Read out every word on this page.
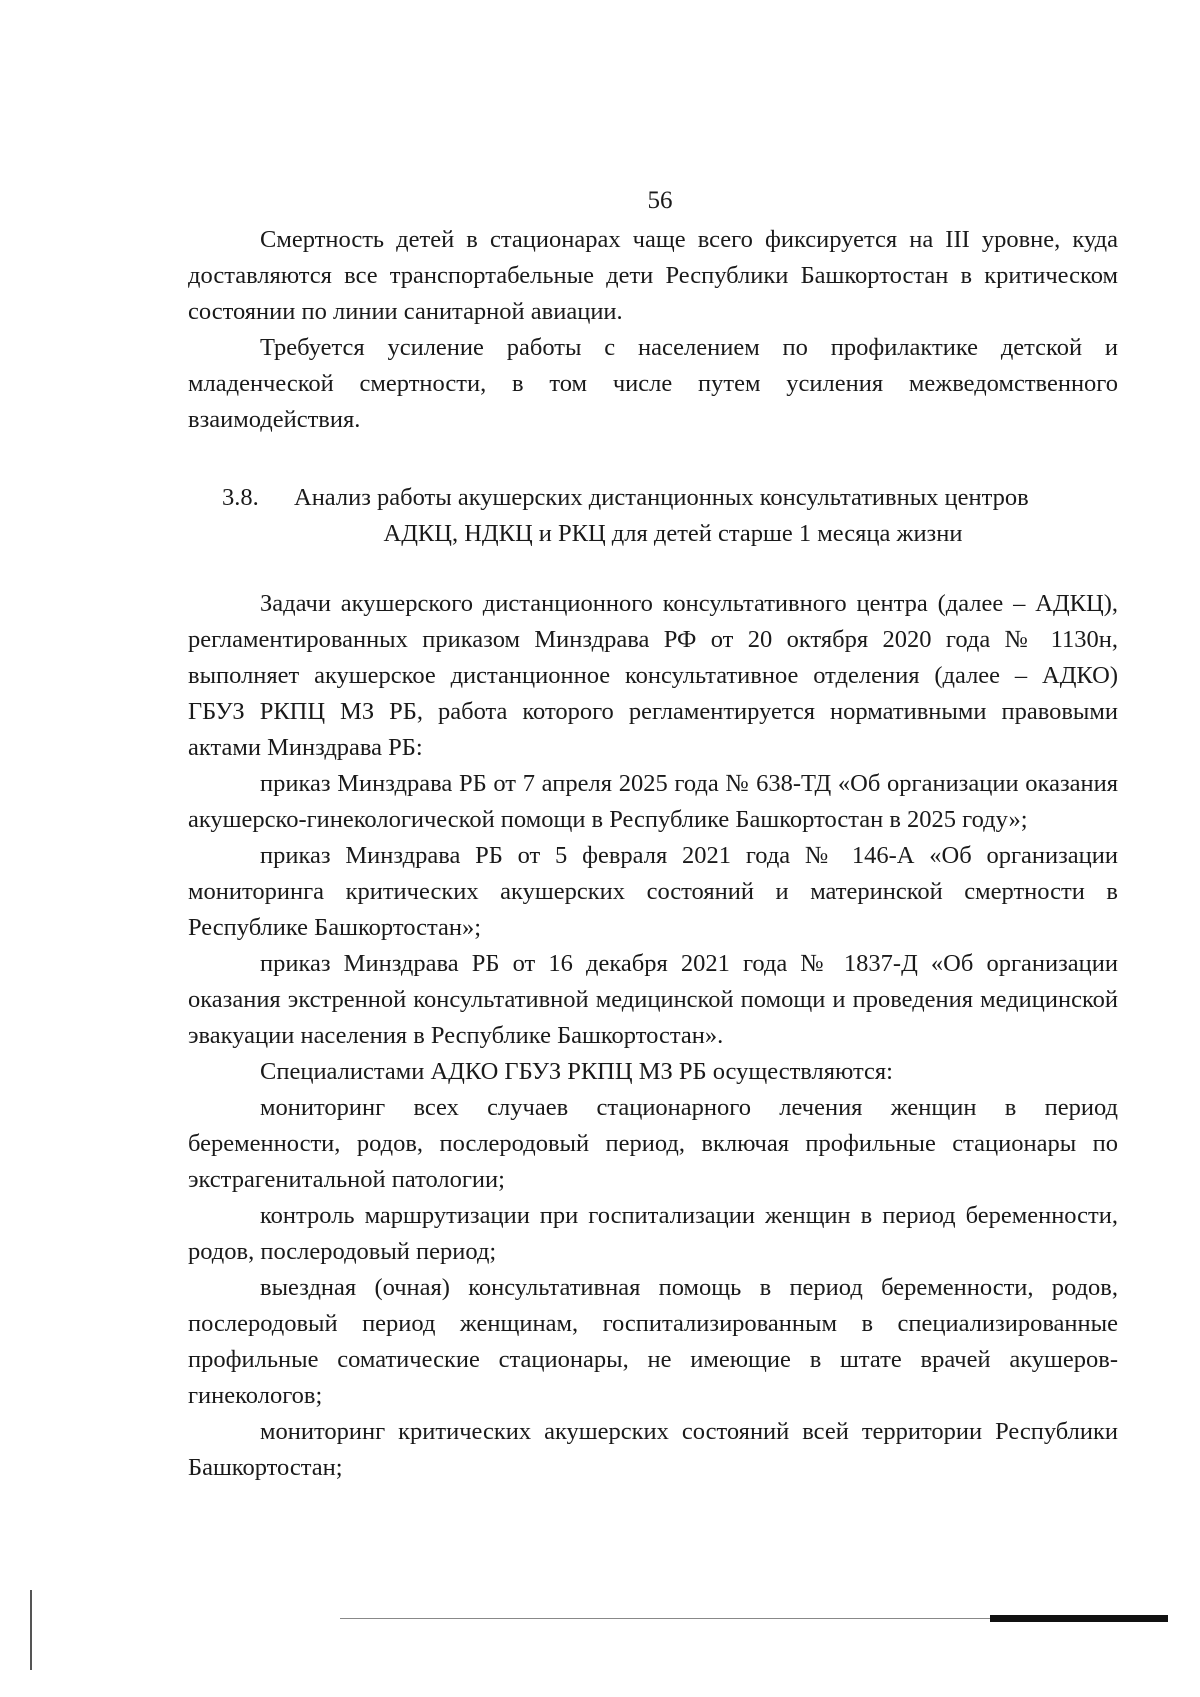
56

Смертность детей в стационарах чаще всего фиксируется на III уровне, куда доставляются все транспортабельные дети Республики Башкортостан в критическом состоянии по линии санитарной авиации.

Требуется усиление работы с населением по профилактике детской и младенческой смертности, в том числе путем усиления межведомственного взаимодействия.

3.8.	Анализ работы акушерских дистанционных консультативных центров
АДКЦ, НДКЦ и РКЦ для детей старше 1 месяца жизни

Задачи акушерского дистанционного консультативного центра (далее – АДКЦ), регламентированных приказом Минздрава РФ от 20 октября 2020 года № 1130н, выполняет акушерское дистанционное консультативное отделения (далее – АДКО) ГБУЗ РКПЦ МЗ РБ, работа которого регламентируется нормативными правовыми актами Минздрава РБ:

приказ Минздрава РБ от 7 апреля 2025 года № 638-ТД «Об организации оказания акушерско-гинекологической помощи в Республике Башкортостан в 2025 году»;

приказ Минздрава РБ от 5 февраля 2021 года № 146-А «Об организации мониторинга критических акушерских состояний и материнской смертности в Республике Башкортостан»;

приказ Минздрава РБ от 16 декабря 2021 года № 1837-Д «Об организации оказания экстренной консультативной медицинской помощи и проведения медицинской эвакуации населения в Республике Башкортостан».

Специалистами АДКО ГБУЗ РКПЦ МЗ РБ осуществляются:

мониторинг всех случаев стационарного лечения женщин в период беременности, родов, послеродовый период, включая профильные стационары по экстрагенитальной патологии;

контроль маршрутизации при госпитализации женщин в период беременности, родов, послеродовый период;

выездная (очная) консультативная помощь в период беременности, родов, послеродовый период женщинам, госпитализированным в специализированные профильные соматические стационары, не имеющие в штате врачей акушеров-гинекологов;

мониторинг критических акушерских состояний всей территории Республики Башкортостан;
